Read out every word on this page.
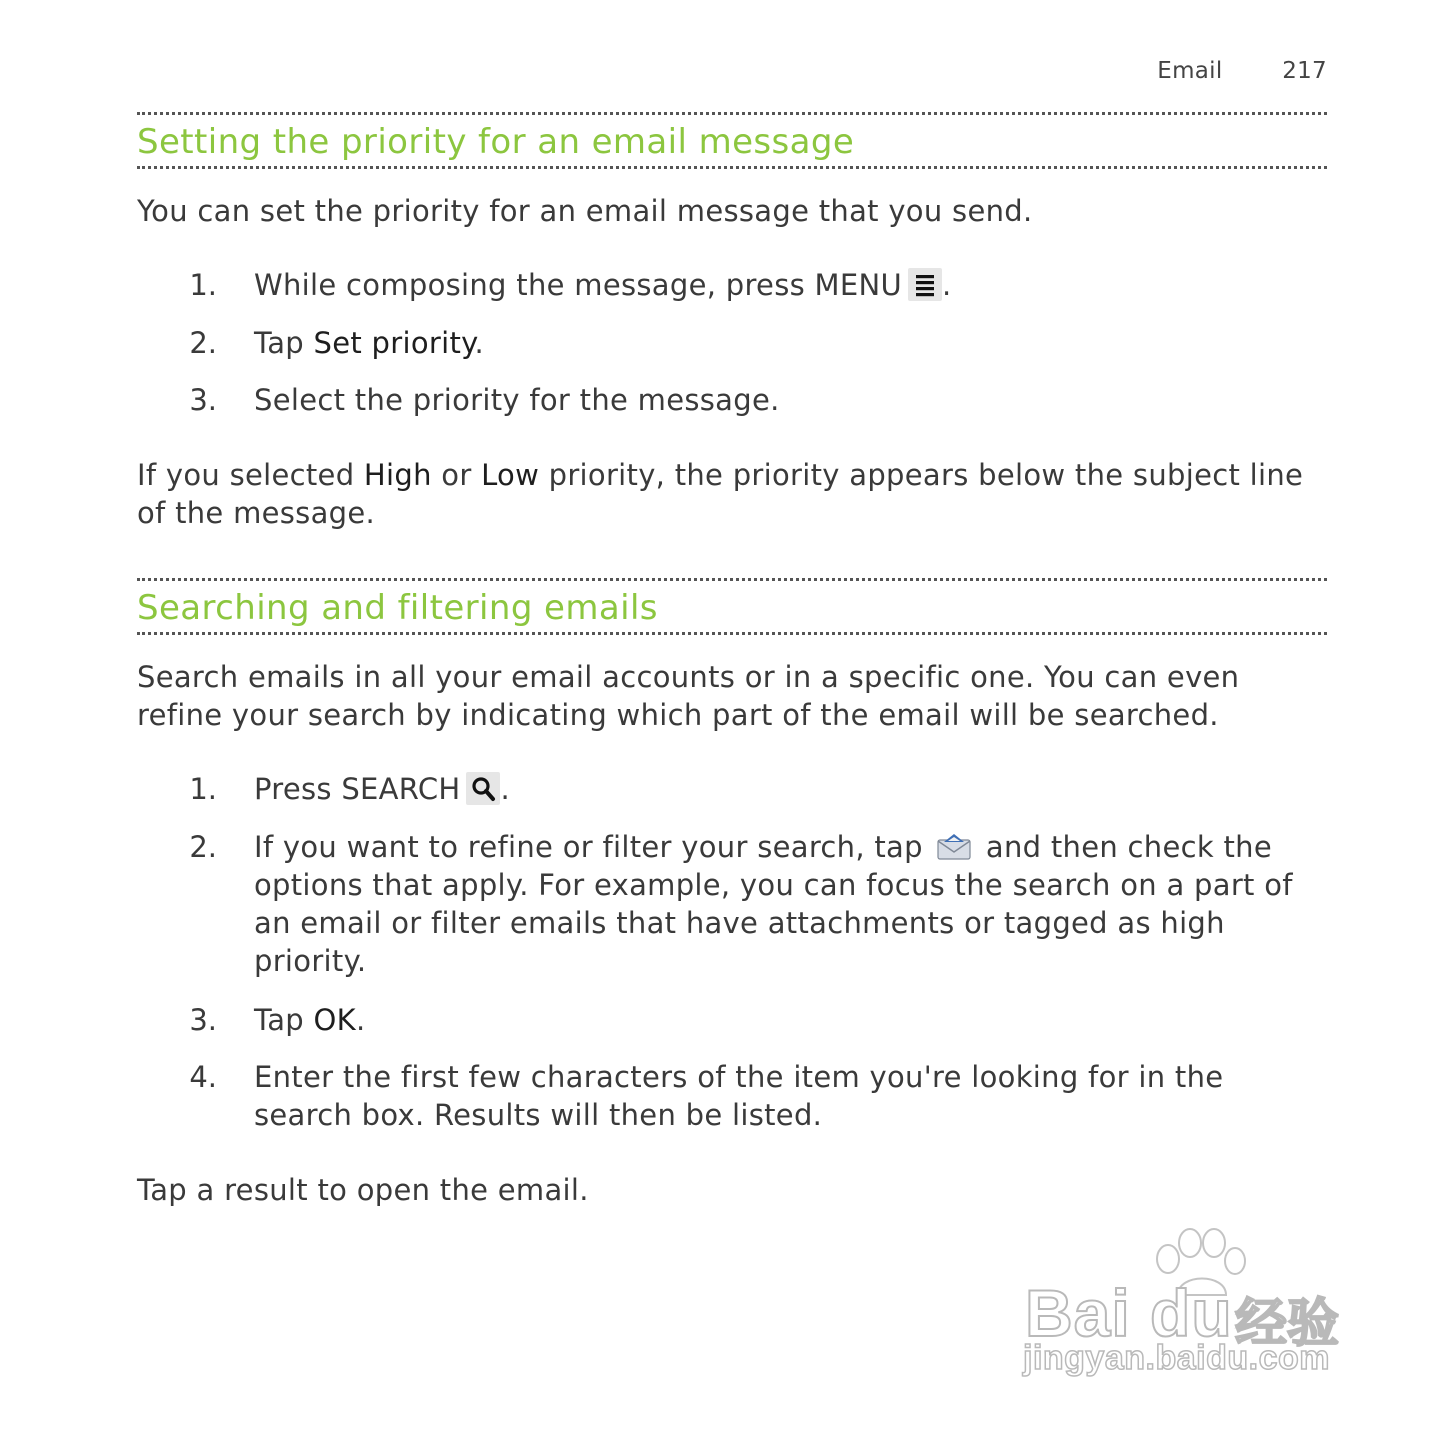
Email	217
Setting the priority for an email message

You can set the priority for an email message that you send.

1. While composing the message, press MENU .
2. Tap Set priority.
3. Select the priority for the message.

If you selected High or Low priority, the priority appears below the subject line of the message.

Searching and filtering emails

Search emails in all your email accounts or in a specific one. You can even refine your search by indicating which part of the email will be searched.

1. Press SEARCH .
2. If you want to refine or filter your search, tap and then check the options that apply. For example, you can focus the search on a part of an email or filter emails that have attachments or tagged as high priority.
3. Tap OK.
4. Enter the first few characters of the item you're looking for in the search box. Results will then be listed.

Tap a result to open the email.

Bai du 经验
jingyan.baidu.com
